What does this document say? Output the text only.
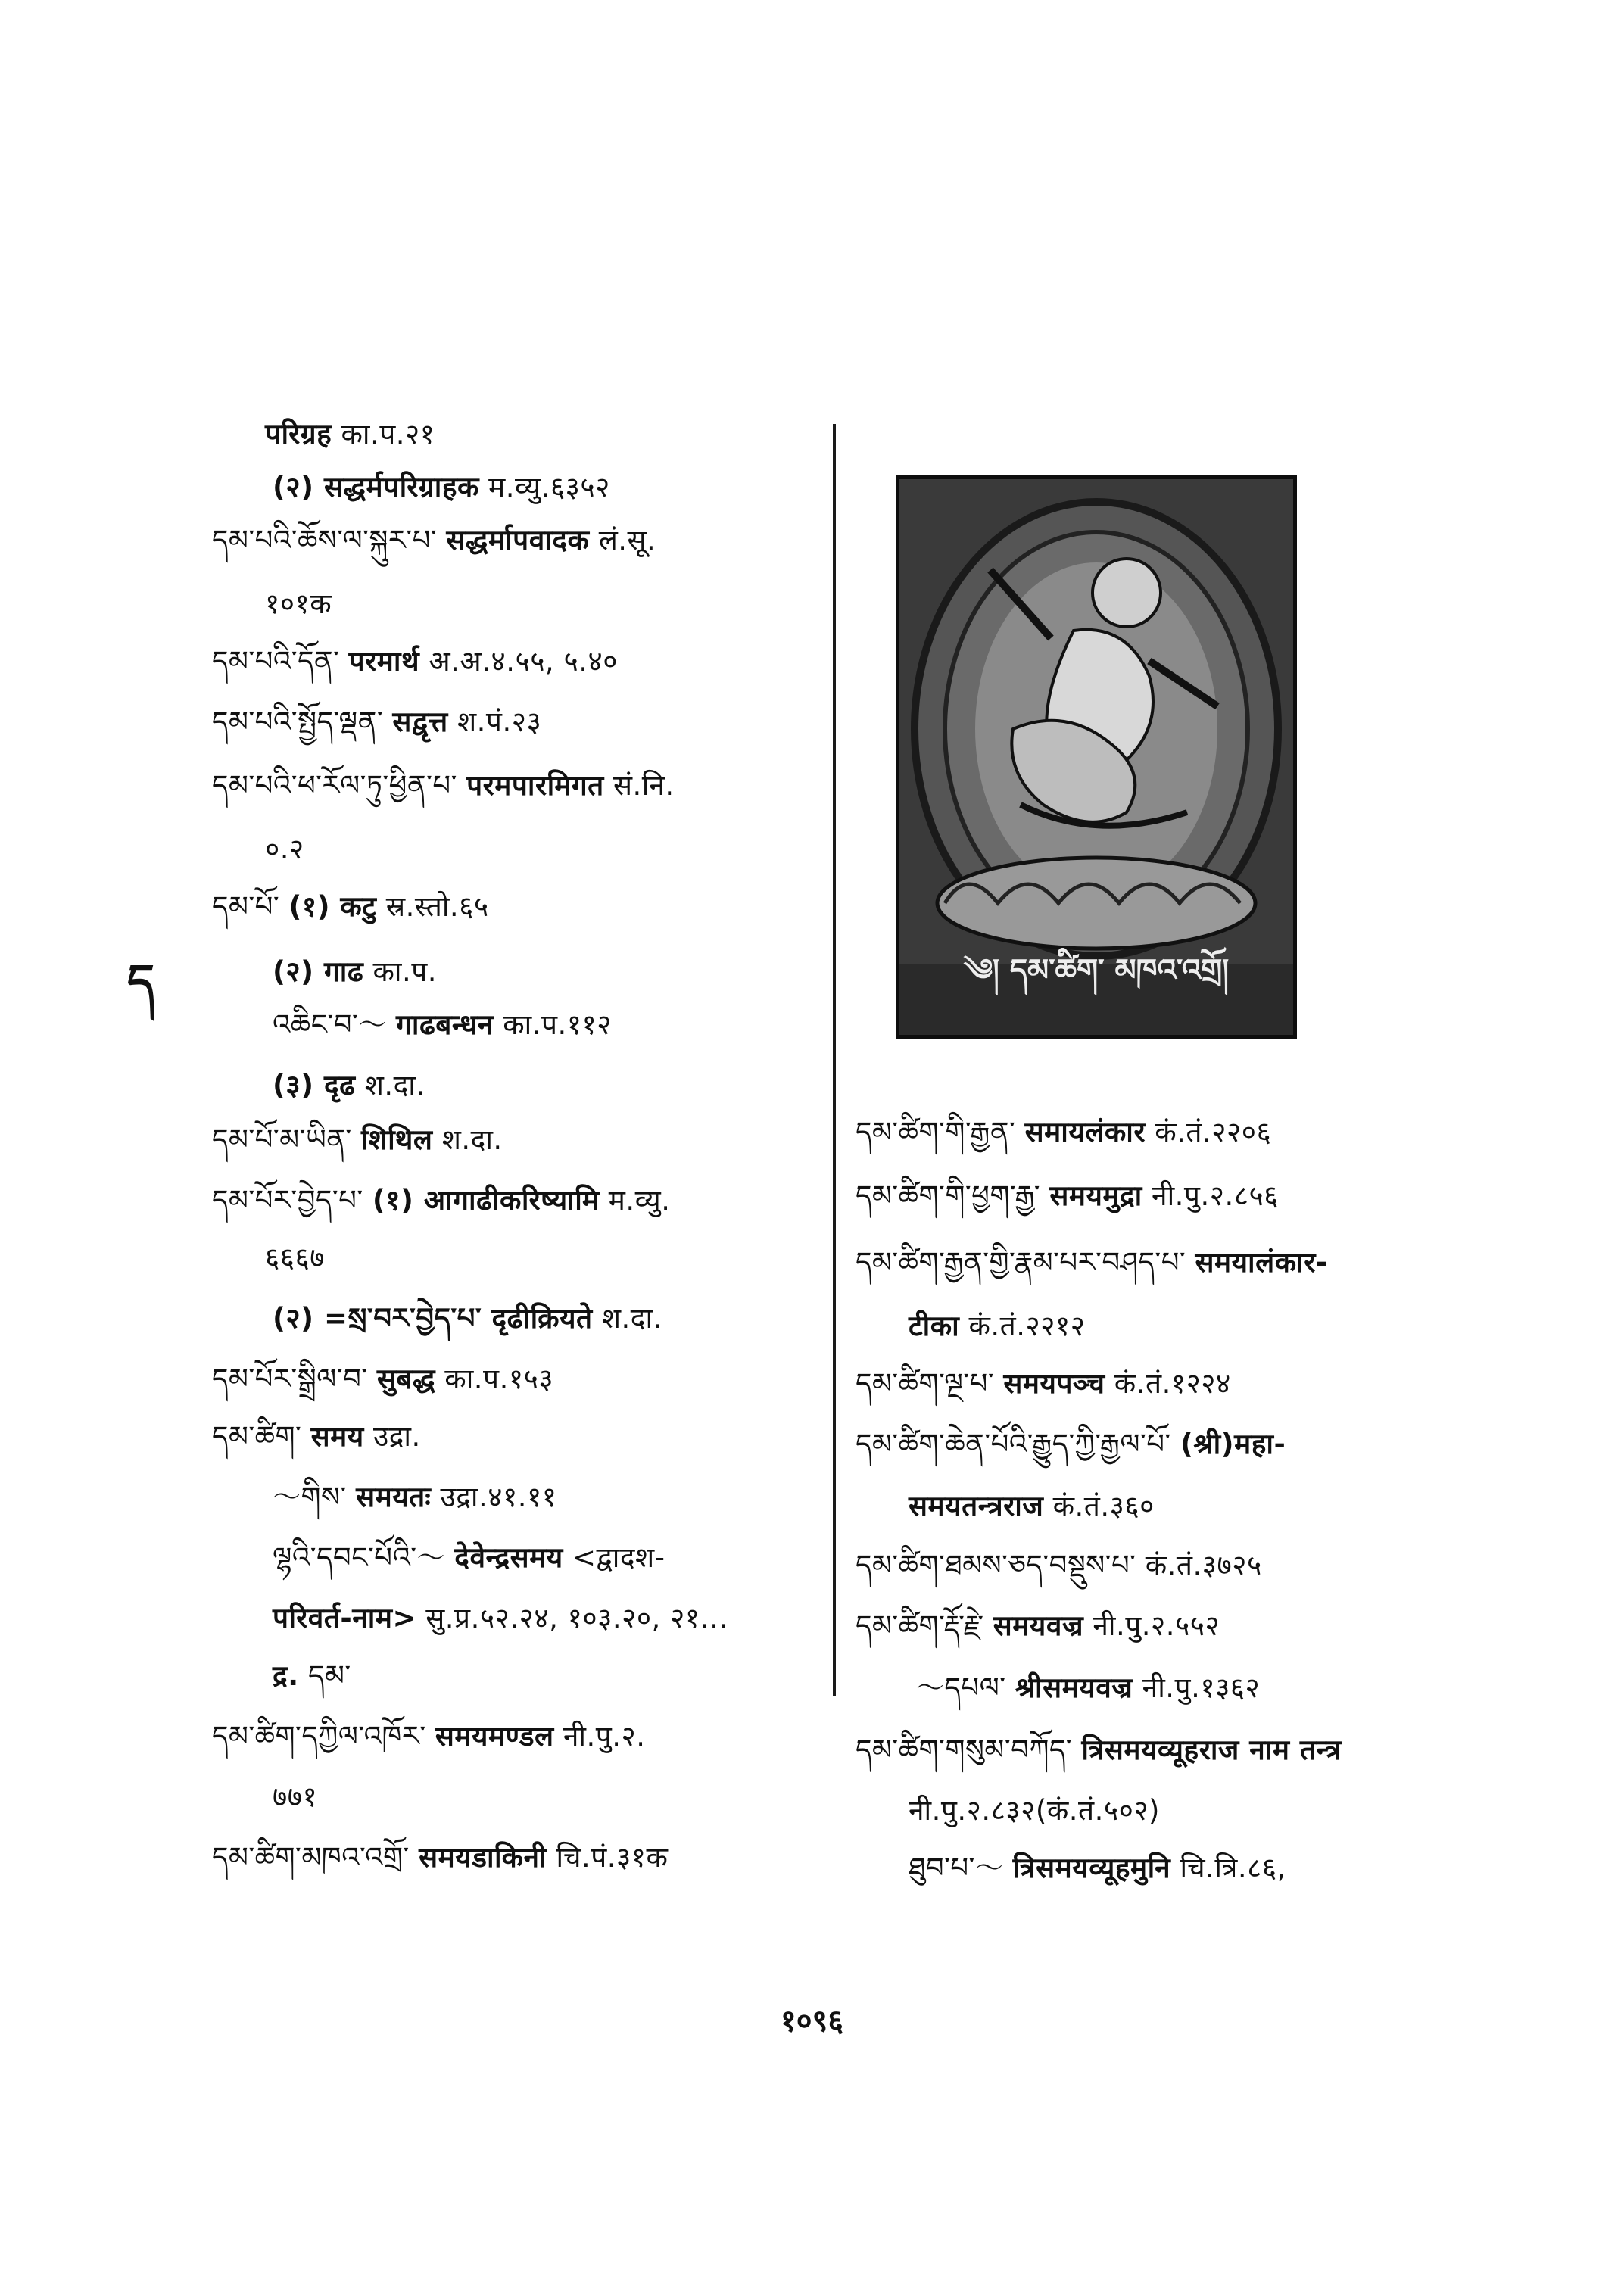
ད
परिग्रह का.प.२१
(२) सद्धर्मपरिग्राहक म.व्यु.६३५२
དམ་པའི་ཆོས་ལ་སྐུར་པ་ सद्धर्मापवादक लं.सू.
१०१क
དམ་པའི་དོན་ परमार्थ अ.अ.४.५५, ५.४०
དམ་པའི་སྤྱོད་ལྡན་ सद्वृत्त श.पं.२३
དམ་པའི་ཕ་རོལ་ཏུ་ཕྱིན་པ་ परमपारमिगत सं.नि.
०.२
དམ་པོ་ (१) कटु स्र.स्तो.६५
(२) गाढ का.प.
འཆིང་བ་～ गाढबन्धन का.प.११२
(३) दृढ श.दा.
དམ་པོ་མ་ཡིན་ शिथिल श.दा.
དམ་པོར་བྱེད་པ་ (१) आगाढीकरिष्यामि म.व्यु.
६६६७
(२) =སྲ་བར་བྱེད་པ་ दृढीक्रियते श.दा.
དམ་པོར་སྒྲིལ་བ་ सुबद्ध का.प.१५३
དམ་ཚིག་ समय उद्रा.
～གིས་ समयतः उद्रा.४१.११
ལྷའི་དབང་པོའི་～ देवेन्द्रसमय <द्वादश-
परिवर्त-नाम> सु.प्र.५२.२४, १०३.२०, २१…
द्र. དམ་
དམ་ཚིག་དཀྱིལ་འཁོར་ समयमण्डल नी.पु.२.
७७१
དམ་ཚིག་མཁའ་འགྲོ་ समयडाकिनी चि.पं.३१क
༄། དམ་ཚིག་ མཁའ་འགྲོ།
དམ་ཚིག་གི་རྒྱན་ समायलंकार कं.तं.२२०६
དམ་ཚིག་གི་ཕྱག་རྒྱ་ समयमुद्रा नी.पु.२.८५६
དམ་ཚིག་རྒྱན་གྱི་རྣམ་པར་བཤད་པ་ समयालंकार-
टीका कं.तं.२२१२
དམ་ཚིག་ལྔ་པ་ समयपञ्च कं.तं.१२२४
དམ་ཚིག་ཆེན་པོའི་རྒྱུད་ཀྱི་རྒྱལ་པོ་ (श्री)महा-
समयतन्त्रराज कं.तं.३६०
དམ་ཚིག་ཐམས་ཅད་བསྡུས་པ་ कं.तं.३७२५
དམ་ཚིག་རྡོ་རྗེ་ समयवज्र नी.पु.२.५५२
～དཔལ་ श्रीसमयवज्र नी.पु.१३६२
དམ་ཚིག་གསུམ་བཀོད་ त्रिसमयव्यूहराज नाम तन्त्र
नी.पु.२.८३२(कं.तं.५०२)
ཐུབ་པ་～ त्रिसमयव्यूहमुनि चि.त्रि.८६,
१०९६
